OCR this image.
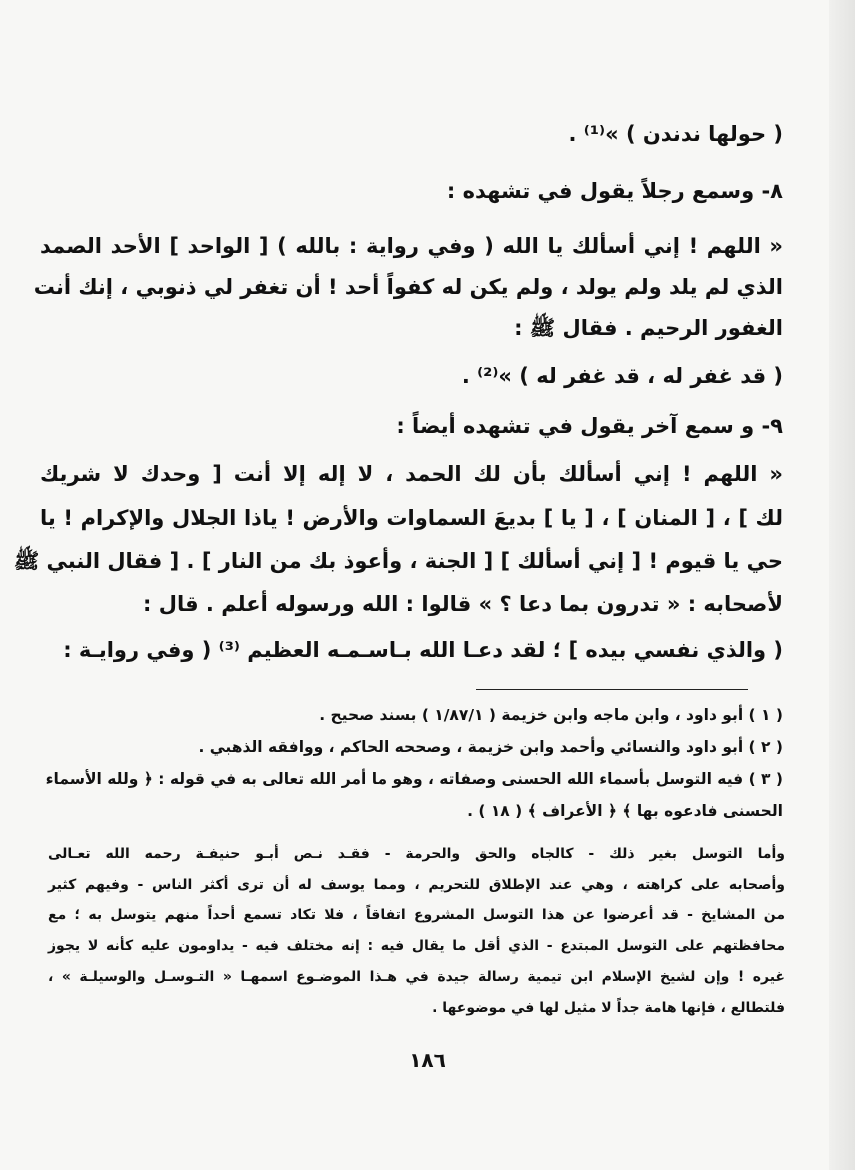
( حولها ندندن ) »⁽¹⁾ .
٨- وسمع رجلاً يقول في تشهده :
« اللهم ! إني أسألك يا الله ( وفي رواية : بالله ) [ الواحد ] الأحد الصمد
الذي لم يلد ولم يولد ، ولم يكن له كفواً أحد ! أن تغفر لي ذنوبي ، إنك أنت
الغفور الرحيم . فقال ﷺ :
( قد غفر له ، قد غفر له ) »⁽²⁾ .
٩- و سمع آخر يقول في تشهده أيضاً :
« اللهم ! إني أسألك بأن لك الحمد ، لا إله إلا أنت [ وحدك لا شريك
لك ] ، [ المنان ] ، [ يا ] بديعَ السماوات والأرض ! ياذا الجلال والإكرام ! يا
حي يا قيوم ! [ إني أسألك ] [ الجنة ، وأعوذ بك من النار ] . [ فقال النبي ﷺ
لأصحابه : « تدرون بما دعا ؟ » قالوا : الله ورسوله أعلم . قال :
( والذي نفسي بيده ] ؛ لقد دعـا الله بـاسـمـه العظيم ⁽³⁾ ( وفي روايـة :
( ١ ) أبو داود ، وابن ماجه وابن خزيمة ( ١/٨٧/١ ) بسند صحيح .
( ٢ ) أبو داود والنسائي وأحمد وابن خزيمة ، وصححه الحاكم ، ووافقه الذهبي .
( ٣ ) فيه التوسل بأسماء الله الحسنى وصفاته ، وهو ما أمر الله تعالى به في قوله : ﴿ ولله الأسماء
الحسنى فادعوه بها ﴾ ﴿ الأعراف ﴾ ( ١٨ ) .
وأما التوسل بغير ذلك - كالجاه والحق والحرمة - فقـد نـص أبـو حنيفـة رحمه الله تعـالى
وأصحابه على كراهته ، وهي عند الإطلاق للتحريم ، ومما يوسف له أن ترى أكثر الناس - وفيهم كثير
من المشايخ - قد أعرضوا عن هذا التوسل المشروع اتفاقاً ، فلا تكاد تسمع أحداً منهم يتوسل به ؛ مع
محافظتهم على التوسل المبتدع - الذي أقل ما يقال فيه : إنه مختلف فيه - يداومون عليه كأنه لا يجوز
غيره ! وإن لشيخ الإسلام ابن تيمية رسالة جيدة في هـذا الموضـوع اسمهـا « التـوسـل والوسيلـة » ،
فلتطالع ، فإنها هامة جداً لا مثيل لها في موضوعها .
١٨٦
